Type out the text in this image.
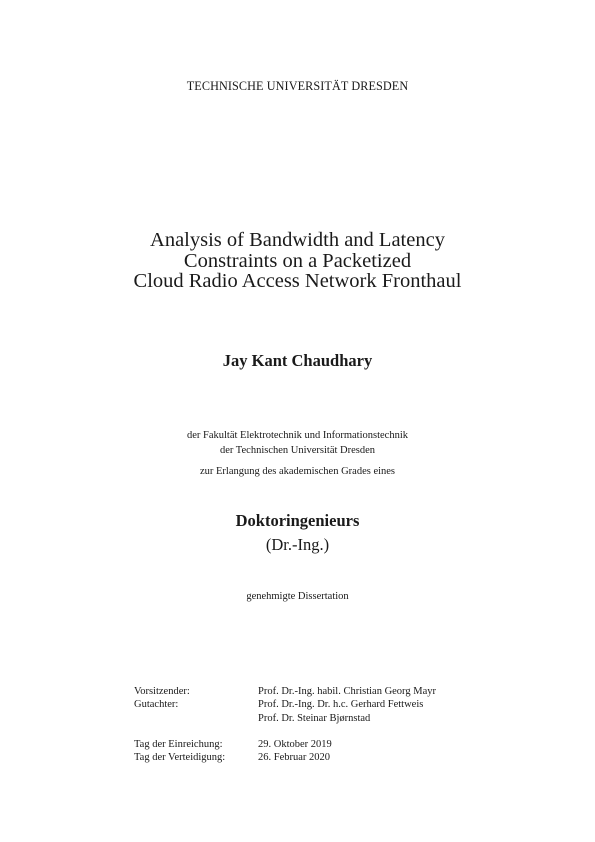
TECHNISCHE UNIVERSITÄT DRESDEN
Analysis of Bandwidth and Latency
Constraints on a Packetized
Cloud Radio Access Network Fronthaul
Jay Kant Chaudhary
der Fakultät Elektrotechnik und Informationstechnik
der Technischen Universität Dresden
zur Erlangung des akademischen Grades eines
Doktoringenieurs
(Dr.-Ing.)
genehmigte Dissertation
Vorsitzender:	Prof. Dr.-Ing. habil. Christian Georg Mayr
Gutachter:	Prof. Dr.-Ing. Dr. h.c. Gerhard Fettweis
Prof. Dr. Steinar Bjørnstad
Tag der Einreichung:	29. Oktober 2019
Tag der Verteidigung:	26. Februar 2020
